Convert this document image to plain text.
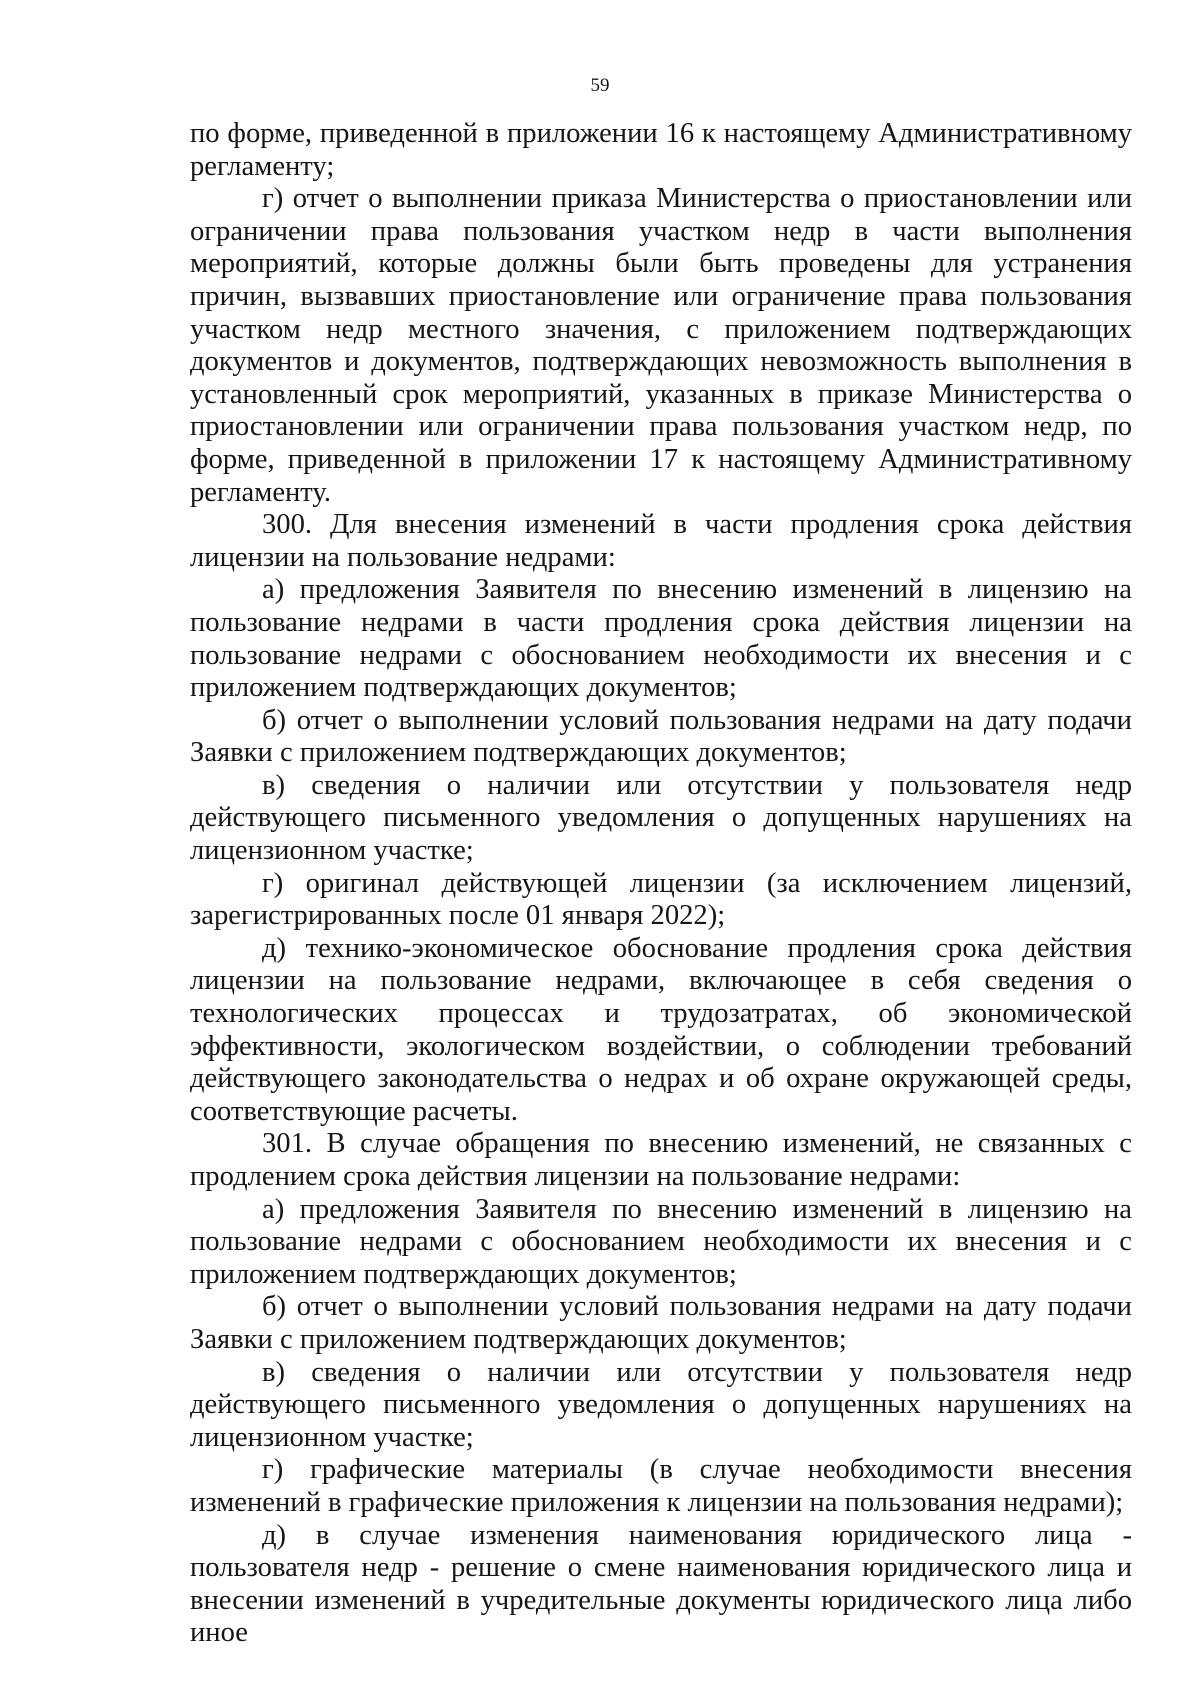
59

по форме, приведенной в приложении 16 к настоящему Административному регламенту;

г) отчет о выполнении приказа Министерства о приостановлении или ограничении права пользования участком недр в части выполнения мероприятий, которые должны были быть проведены для устранения причин, вызвавших приостановление или ограничение права пользования участком недр местного значения, с приложением подтверждающих документов и документов, подтверждающих невозможность выполнения в установленный срок мероприятий, указанных в приказе Министерства о приостановлении или ограничении права пользования участком недр, по форме, приведенной в приложении 17 к настоящему Административному регламенту.

300. Для внесения изменений в части продления срока действия лицензии на пользование недрами:

а) предложения Заявителя по внесению изменений в лицензию на пользование недрами в части продления срока действия лицензии на пользование недрами с обоснованием необходимости их внесения и с приложением подтверждающих документов;

б) отчет о выполнении условий пользования недрами на дату подачи Заявки с приложением подтверждающих документов;

в) сведения о наличии или отсутствии у пользователя недр действующего письменного уведомления о допущенных нарушениях на лицензионном участке;

г) оригинал действующей лицензии (за исключением лицензий, зарегистрированных после 01 января 2022);

д) технико-экономическое обоснование продления срока действия лицензии на пользование недрами, включающее в себя сведения о технологических процессах и трудозатратах, об экономической эффективности, экологическом воздействии, о соблюдении требований действующего законодательства о недрах и об охране окружающей среды, соответствующие расчеты.

301. В случае обращения по внесению изменений, не связанных с продлением срока действия лицензии на пользование недрами:

а) предложения Заявителя по внесению изменений в лицензию на пользование недрами с обоснованием необходимости их внесения и с приложением подтверждающих документов;

б) отчет о выполнении условий пользования недрами на дату подачи Заявки с приложением подтверждающих документов;

в) сведения о наличии или отсутствии у пользователя недр действующего письменного уведомления о допущенных нарушениях на лицензионном участке;

г) графические материалы (в случае необходимости внесения изменений в графические приложения к лицензии на пользования недрами);

д) в случае изменения наименования юридического лица - пользователя недр - решение о смене наименования юридического лица и внесении изменений в учредительные документы юридического лица либо иное
